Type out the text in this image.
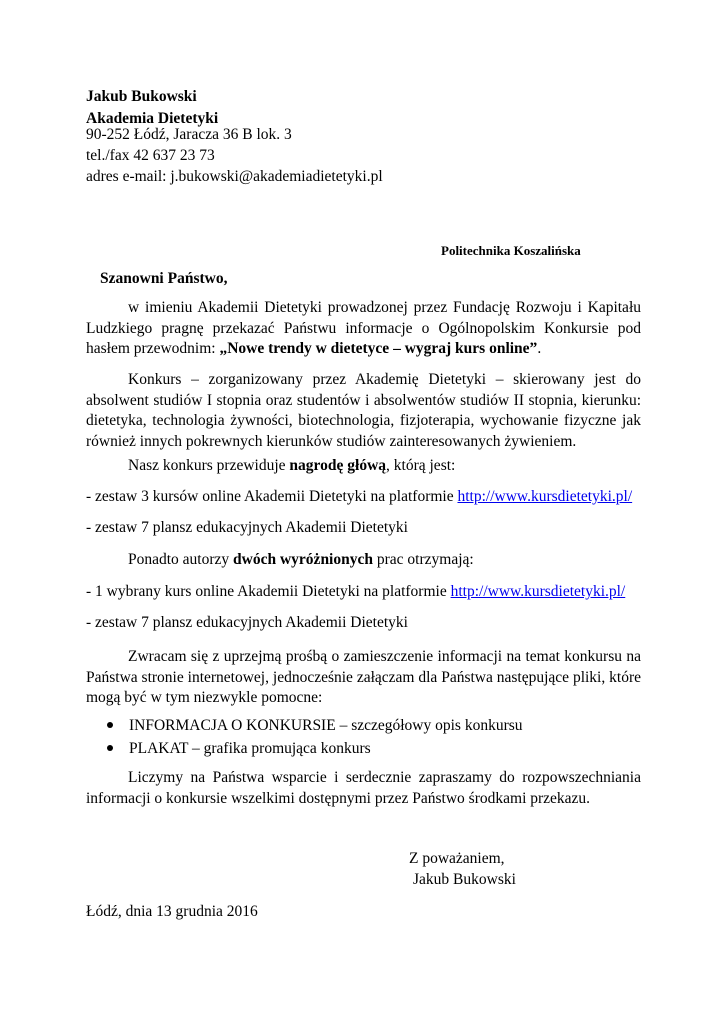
Jakub Bukowski
Akademia Dietetyki
90-252 Łódź, Jaracza 36 B lok. 3
tel./fax 42 637 23 73
adres e-mail: j.bukowski@akademiadietetyki.pl
Politechnika Koszalińska
Szanowni Państwo,
w imieniu Akademii Dietetyki prowadzonej przez Fundację Rozwoju i Kapitału Ludzkiego pragnę przekazać Państwu informacje o Ogólnopolskim Konkursie pod hasłem przewodnim: „Nowe trendy w dietetyce – wygraj kurs online”.
Konkurs – zorganizowany przez Akademię Dietetyki – skierowany jest do absolwent studiów I stopnia oraz studentów i absolwentów studiów II stopnia, kierunku: dietetyka, technologia żywności, biotechnologia, fizjoterapia, wychowanie fizyczne jak również innych pokrewnych kierunków studiów zainteresowanych żywieniem.
Nasz konkurs przewiduje nagrodę główą, którą jest:
- zestaw 3 kursów online Akademii Dietetyki na platformie http://www.kursdietetyki.pl/
- zestaw 7 plansz edukacyjnych Akademii Dietetyki
Ponadto autorzy dwóch wyróżnionych prac otrzymają:
- 1 wybrany kurs online Akademii Dietetyki na platformie http://www.kursdietetyki.pl/
- zestaw 7 plansz edukacyjnych Akademii Dietetyki
Zwracam się z uprzejmą prośbą o zamieszczenie informacji na temat konkursu na Państwa stronie internetowej, jednocześnie załączam dla Państwa następujące pliki, które mogą być w tym niezwykle pomocne:
INFORMACJA O KONKURSIE – szczegółowy opis konkursu
PLAKAT – grafika promująca konkurs
Liczymy na Państwa wsparcie i serdecznie zapraszamy do rozpowszechniania informacji o konkursie wszelkimi dostępnymi przez Państwo środkami przekazu.
Z poważaniem,
Jakub Bukowski
Łódź, dnia 13 grudnia 2016
